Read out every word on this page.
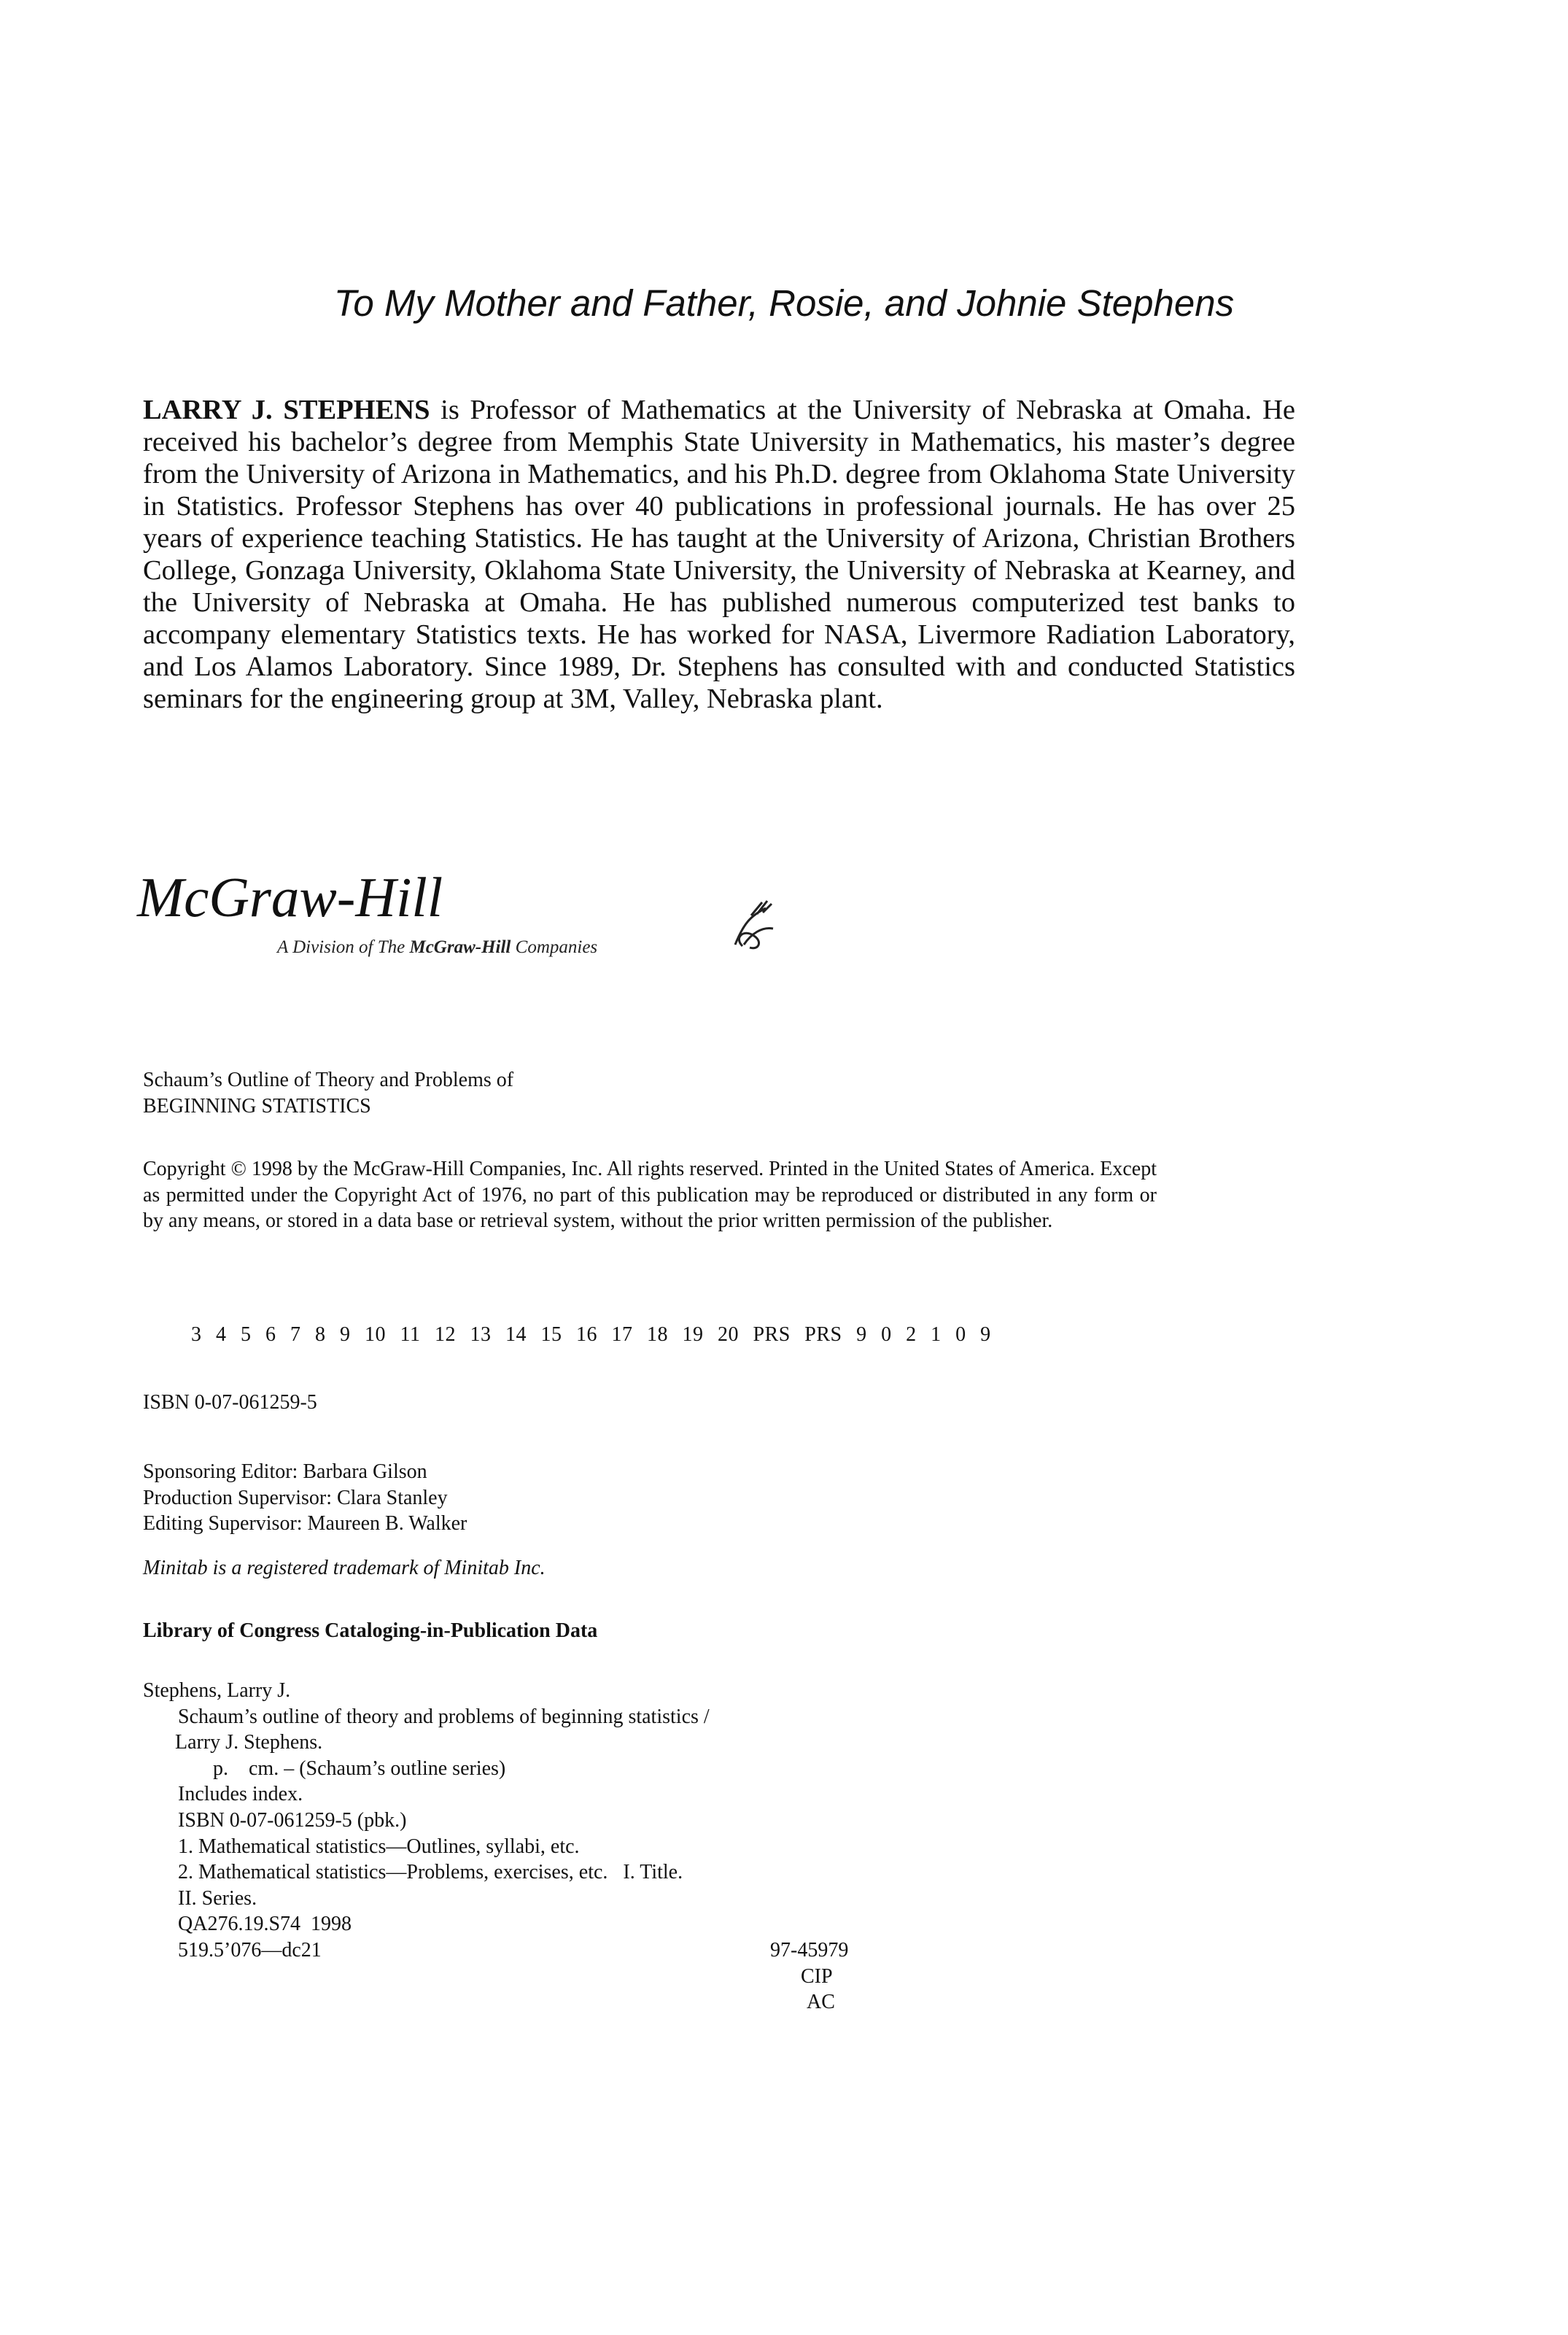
To My Mother and Father, Rosie, and Johnie Stephens

LARRY J. STEPHENS is Professor of Mathematics at the University of Nebraska at Omaha. He received his bachelor’s degree from Memphis State University in Mathematics, his master’s degree from the University of Arizona in Mathematics, and his Ph.D. degree from Oklahoma State University in Statistics. Professor Stephens has over 40 publications in professional journals. He has over 25 years of experience teaching Statistics. He has taught at the University of Arizona, Christian Brothers College, Gonzaga University, Oklahoma State University, the University of Nebraska at Kearney, and the University of Nebraska at Omaha. He has published numerous computerized test banks to accompany elementary Statistics texts. He has worked for NASA, Livermore Radiation Laboratory, and Los Alamos Laboratory. Since 1989, Dr. Stephens has consulted with and conducted Statistics seminars for the engineering group at 3M, Valley, Nebraska plant.

McGraw-Hill
A Division of The McGraw-Hill Companies
Schaum’s Outline of Theory and Problems of
BEGINNING STATISTICS

Copyright © 1998 by the McGraw-Hill Companies, Inc. All rights reserved. Printed in the United States of America. Except as permitted under the Copyright Act of 1976, no part of this publication may be reproduced or distributed in any form or by any means, or stored in a data base or retrieval system, without the prior written permission of the publisher.

3 4 5 6 7 8 9 10 11 12 13 14 15 16 17 18 19 20 PRS PRS 9 0 2 1 0 9
ISBN 0-07-061259-5
Sponsoring Editor: Barbara Gilson
Production Supervisor: Clara Stanley
Editing Supervisor: Maureen B. Walker
Minitab is a registered trademark of Minitab Inc.
Library of Congress Cataloging-in-Publication Data
Stephens, Larry J.
Schaum’s outline of theory and problems of beginning statistics /
Larry J. Stephens.
p.    cm. – (Schaum’s outline series)
Includes index.
ISBN 0-07-061259-5 (pbk.)
1. Mathematical statistics—Outlines, syllabi, etc.
2. Mathematical statistics—Problems, exercises, etc. I. Title.
II. Series.
QA276.19.S74  1998
519.5’076—dc21	97-45979
CIP
AC
